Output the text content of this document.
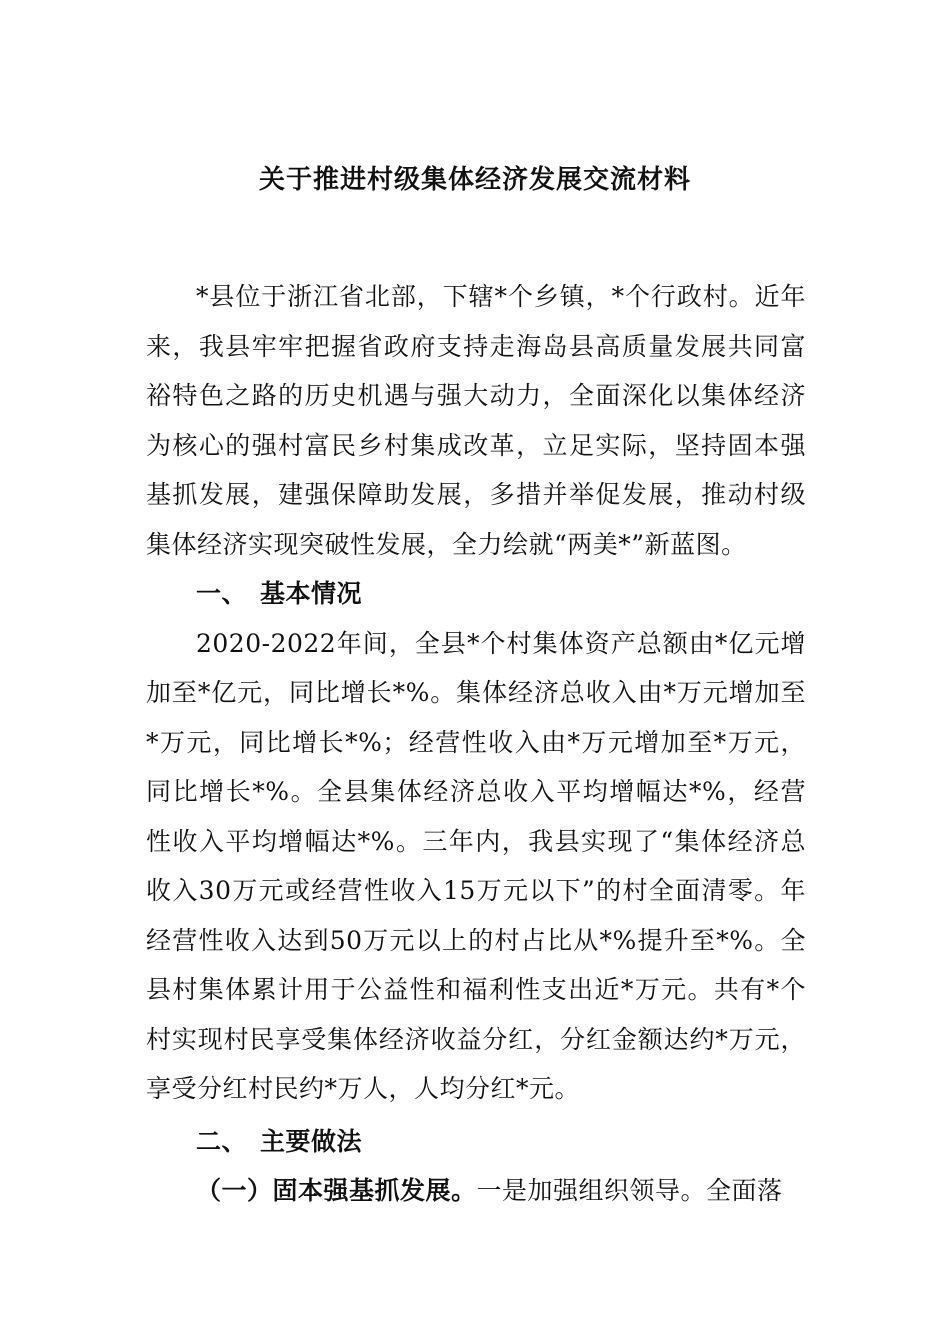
关于推进村级集体经济发展交流材料

*县位于浙江省北部，下辖*个乡镇，*个行政村。近年来，我县牢牢把握省政府支持走海岛县高质量发展共同富裕特色之路的历史机遇与强大动力，全面深化以集体经济为核心的强村富民乡村集成改革，立足实际，坚持固本强基抓发展，建强保障助发展，多措并举促发展，推动村级集体经济实现突破性发展，全力绘就“两美*”新蓝图。

一、 基本情况

2020-2022年间，全县*个村集体资产总额由*亿元增加至*亿元，同比增长*%。集体经济总收入由*万元增加至*万元，同比增长*%；经营性收入由*万元增加至*万元，同比增长*%。全县集体经济总收入平均增幅达*%，经营性收入平均增幅达*%。三年内，我县实现了“集体经济总收入30万元或经营性收入15万元以下”的村全面清零。年经营性收入达到50万元以上的村占比从*%提升至*%。全县村集体累计用于公益性和福利性支出近*万元。共有*个村实现村民享受集体经济收益分红，分红金额达约*万元，享受分红村民约*万人，人均分红*元。

二、 主要做法

（一）固本强基抓发展。一是加强组织领导。全面落
